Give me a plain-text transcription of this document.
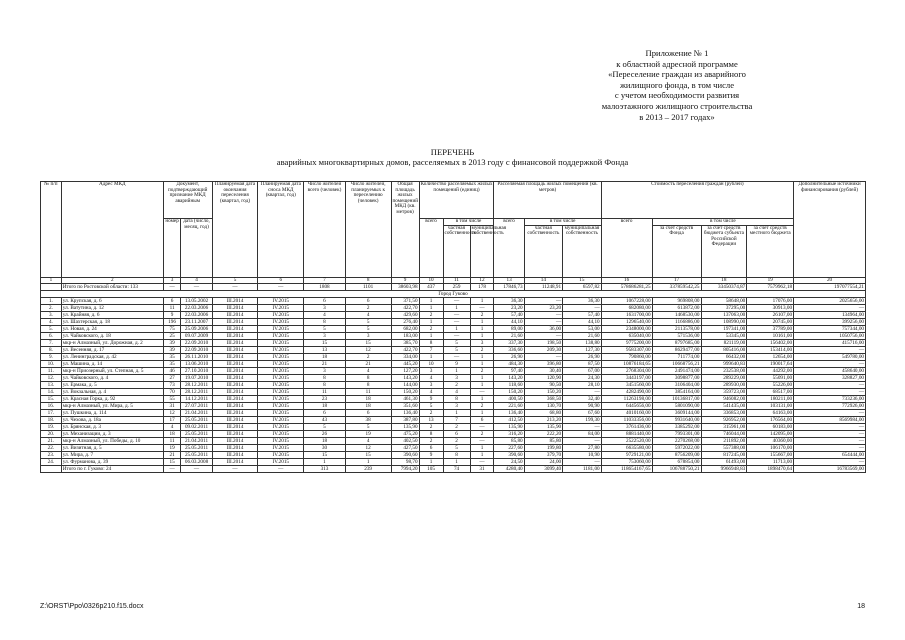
Приложение № 1
к областной адресной программе
«Переселение граждан из аварийного
жилищного фонда, в том числе
с учетом необходимости развития
малоэтажного жилищного строительства
в 2013 – 2017 годах»
ПЕРЕЧЕНЬ
аварийных многоквартирных домов, расселяемых в 2013 году с финансовой поддержкой Фонда
№ п/п	Адрес МКД	Документ, подтверждающий признание МКД аварийным		Планируемая дата окончания переселения (квартал, год)	Планируемая дата сноса МКД (квартал, год)	Число жителей всего (человек)	Число жителей, планируемых к переселению (человек)	Общая площадь жилых помещений МКД (кв. метров)	Количество расселяемых жилых помещений (единиц)			Расселяемая площадь жилых помещений (кв. метров)			Стоимость переселения граждан (рублей)				Дополнительные источники финансирования (рублей)
		номер	дата (число, месяц, год)						всего	в том числе		всего	в том числе		всего	в том числе			
										частная собственность	муниципальная собственность		частная собственность	муниципальная собственность		за счет средств Фонда	за счет средств бюджета субъекта Российской Федерации	за счет средств местного бюджета	
1	2	3	4	5	6	7	8	9	10	11	12	13	14	15	16	17	18	19	20
	Итого по Ростовской области: 133	—	—	—	—	1808	1101	38603,98	437	259	178	17846,73	11248,91	6597,82	578686281,25	337859542,25	33450374,87	7579962,18	197077554,21
Город Гуково																			
1.	ул. Крупская, д. 6	6	13.05.2002	III.2014	IV.2015	6	6	371,50	1	—	1	36,30	—	36,30	1067228,00	969808,00	58648,00	17076,00	2025656,00
2.	ул. Ватутина, д. 12	11	22.03.2006	III.2014	IV.2015	3	2	422,70	1	1	—	23,20	23,20	—	682080,00	613872,00	37295,00	30913,00	—
3.	ул. Крайняя, д. 6	9	22.03.2006	III.2014	IV.2015	4	4	429,60	2	—	2	57,40	—	57,40	1631700,00	1468530,00	137063,00	26107,00	134964,00
4.	ул. Шахтерская, д. 18	196	23.11.2007	III.2014	IV.2015	8	5	276,40	1	—	1	44,10	—	44,10	1296540,00	1166886,00	108990,00	20745,00	399256,00
5.	ул. Новая, д. 24	75	25.09.2006	III.2014	IV.2015	5	5	682,00	2	1	1	89,00	36,00	53,00	2348000,00	2113578,00	197341,00	37789,00	757344,00
6.	ул. Чайковского, д. 18	25	09.07.2009	III.2014	IV.2015	3	3	183,00	1	—	1	21,60	—	21,60	635040,00	571536,00	53345,00	10161,00	1050756,00
7.	мкр-н Алмазный, ул. Дорожная, д. 2	39	22.09.2010	III.2014	IV.2015	15	15	385,70	8	5	3	337,30	198,50	138,80	9775200,00	8797685,00	821119,00	156402,00	415716,00
8.	ул. Весенняя, д. 17	39	22.09.2010	III.2014	IV.2015	13	12	422,70	7	5	2	336,60	209,30	127,30	9583307,00	8629477,00	805416,00	153414,00	—
9.	ул. Ленинградская, д. 42	35	26.11.2010	III.2014	IV.2015	18	2	334,00	1	—	1	26,90	—	26,90	790860,00	711774,00	66432,00	12654,00	549780,00
10.	ул. Машина, д. 14	35	13.06.2010	III.2014	IV.2015	21	21	445,20	10	9	1	484,30	396,80	87,50	10876184,65	10668756,21	999640,83	190017,64	—
11.	мкр-н Приозерный, ул. Степная, д. 5	46	27.10.2010	III.2014	IV.2015	3	4	127,20	3	1	2	97,40	30,40	67,00	2768304,00	2491474,00	232538,00	44292,00	458640,00
12.	ул. Чайковского, д. 4	27	19.07.2010	III.2014	IV.2015	8	8	143,20	4	3	1	143,20	120,90	24,30	3443197,00	3098877,00	289229,00	55091,00	328827,00
13.	ул. Ермака, д. 5	73	28.12.2011	III.2014	IV.2015	8	8	144,00	3	2	1	118,60	90,50	28,10	3451560,00	3106404,00	289930,00	55226,00	—
14.	ул. Вокзальная, д. 4	70	28.12.2011	III.2014	IV.2015	11	11	150,20	4	4	—	150,20	150,20	—	4282490,00	3854164,00	359723,00	68517,00	—
15.	ул. Красная Горка, д. 92	55	14.12.2011	III.2014	IV.2015	23	18	461,30	9	8	1	400,50	368,50	32,40	11263198,00	10136817,00	946082,00	180211,00	733236,00
16.	мкр-н Алмазный, ул. Мира, д. 5	31	27.07.2011	III.2014	IV.2015	18	18	351,60	5	3	2	221,60	130,70	90,90	6445656,00	5801090,00	541435,00	103131,00	772926,00
17.	ул. Пушкина, д. 114	12	21.04.2011	III.2014	IV.2015	6	6	136,40	2	1	1	136,40	68,80	67,60	4010160,00	3609144,00	336853,00	64163,00	—
18.	ул. Чехова, д. 18а	17	25.05.2011	III.2014	IV.2015	43	38	387,80	13	7	6	412,50	213,20	199,30	11033356,00	9931640,00	926952,00	176564,00	8569984,00
19.	ул. Брянская, д. 3	4	09.02.2011	III.2014	IV.2015	5	5	135,90	2	2	—	135,90	135,90	—	3761436,00	3385292,00	315961,00	60183,00	—
20.	ул. Механизации, д. 3	18	25.05.2011	III.2014	IV.2015	26	19	475,20	8	6	2	316,20	222,20	84,00	8881440,00	7993301,00	746044,00	142095,00	—
21.	мкр-н Алмазный, ул. Победы, д. 10	11	21.04.2011	III.2014	IV.2015	18	4	402,50	2	2	—	85,80	85,80	—	2522520,00	2270268,00	211892,00	40360,00	—
22.	ул. Визитная, д. 5	19	25.05.2011	III.2014	IV.2015	30	12	427,50	6	5	1	227,60	199,80	27,80	6635580,00	5972022,00	557388,00	106170,00	—
23.	ул. Мира, д. 7	21	25.05.2011	III.2014	IV.2015	15	15	390,60	9	8	1	390,60	379,70	10,90	9729121,00	8756209,00	817245,00	155667,00	654444,00
24.	ул. Фурманова, д. 39	15	06.03.2008	III.2014	IV.2015	1	1	98,70	1	1	—	24,50	24,00	—	753060,00	678854,00	61493,00	11713,00	—
	Итого по г. Гуково: 24	—	—	—	—	313	239	7994,20	105	74	31	4280,40	3099,40	1181,00	118654167,65	106788750,21	9966948,83	1898470,64	16783569,00
Z:\ORST\Ppo\0326p210.f15.docx	18
